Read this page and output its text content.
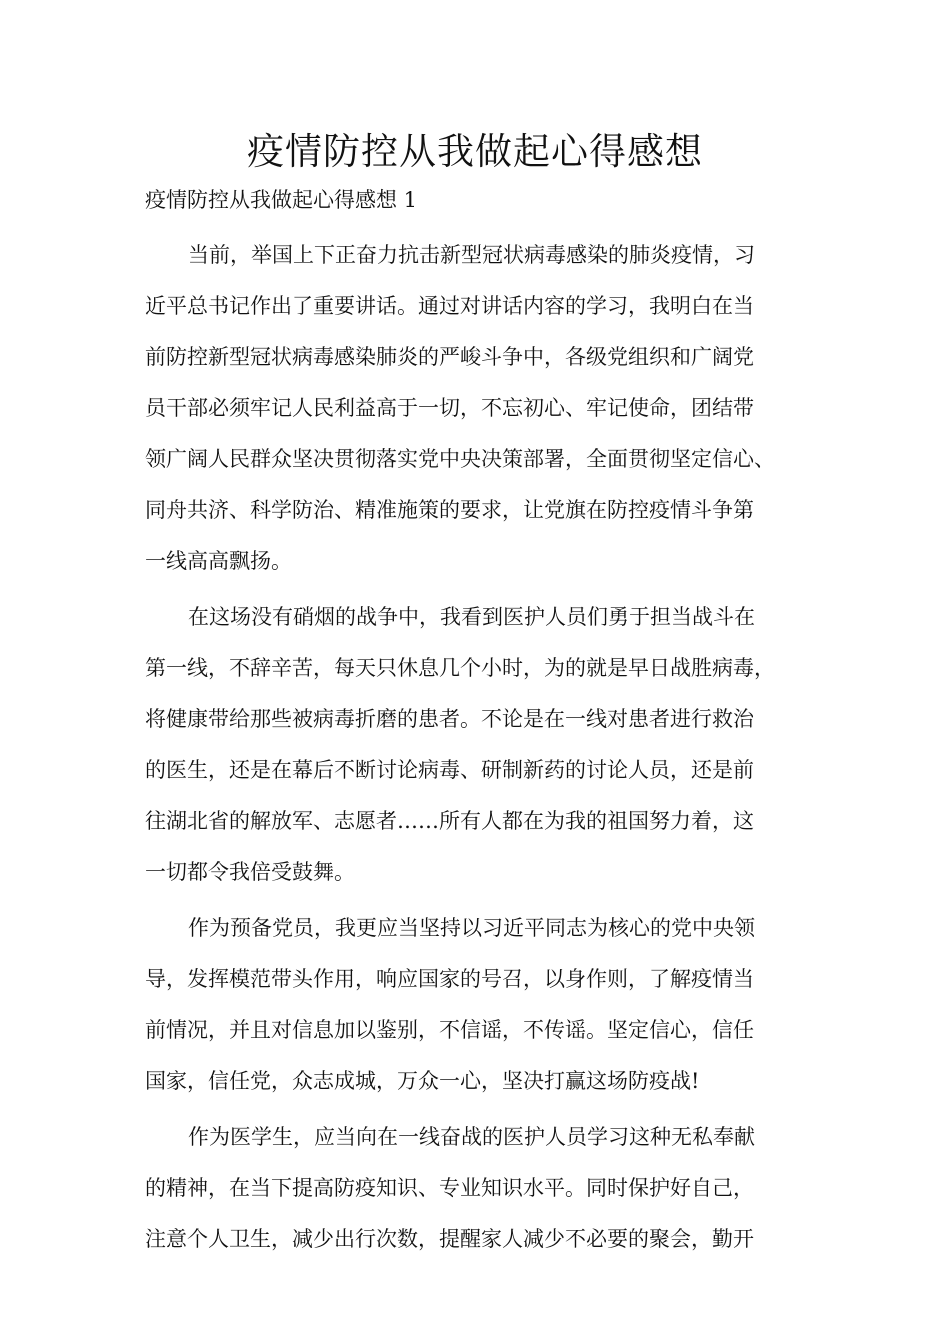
疫情防控从我做起心得感想

疫情防控从我做起心得感想 1

当前，举国上下正奋力抗击新型冠状病毒感染的肺炎疫情，习
近平总书记作出了重要讲话。通过对讲话内容的学习，我明白在当
前防控新型冠状病毒感染肺炎的严峻斗争中，各级党组织和广阔党
员干部必须牢记人民利益高于一切，不忘初心、牢记使命，团结带
领广阔人民群众坚决贯彻落实党中央决策部署，全面贯彻坚定信心、
同舟共济、科学防治、精准施策的要求，让党旗在防控疫情斗争第
一线高高飘扬。

在这场没有硝烟的战争中，我看到医护人员们勇于担当战斗在
第一线，不辞辛苦，每天只休息几个小时，为的就是早日战胜病毒，
将健康带给那些被病毒折磨的患者。不论是在一线对患者进行救治
的医生，还是在幕后不断讨论病毒、研制新药的讨论人员，还是前
往湖北省的解放军、志愿者……所有人都在为我的祖国努力着，这
一切都令我倍受鼓舞。

作为预备党员，我更应当坚持以习近平同志为核心的党中央领
导，发挥模范带头作用，响应国家的号召，以身作则，了解疫情当
前情况，并且对信息加以鉴别，不信谣，不传谣。坚定信心，信任
国家，信任党，众志成城，万众一心，坚决打赢这场防疫战!

作为医学生，应当向在一线奋战的医护人员学习这种无私奉献
的精神，在当下提高防疫知识、专业知识水平。同时保护好自己，
注意个人卫生，减少出行次数，提醒家人减少不必要的聚会，勤开
